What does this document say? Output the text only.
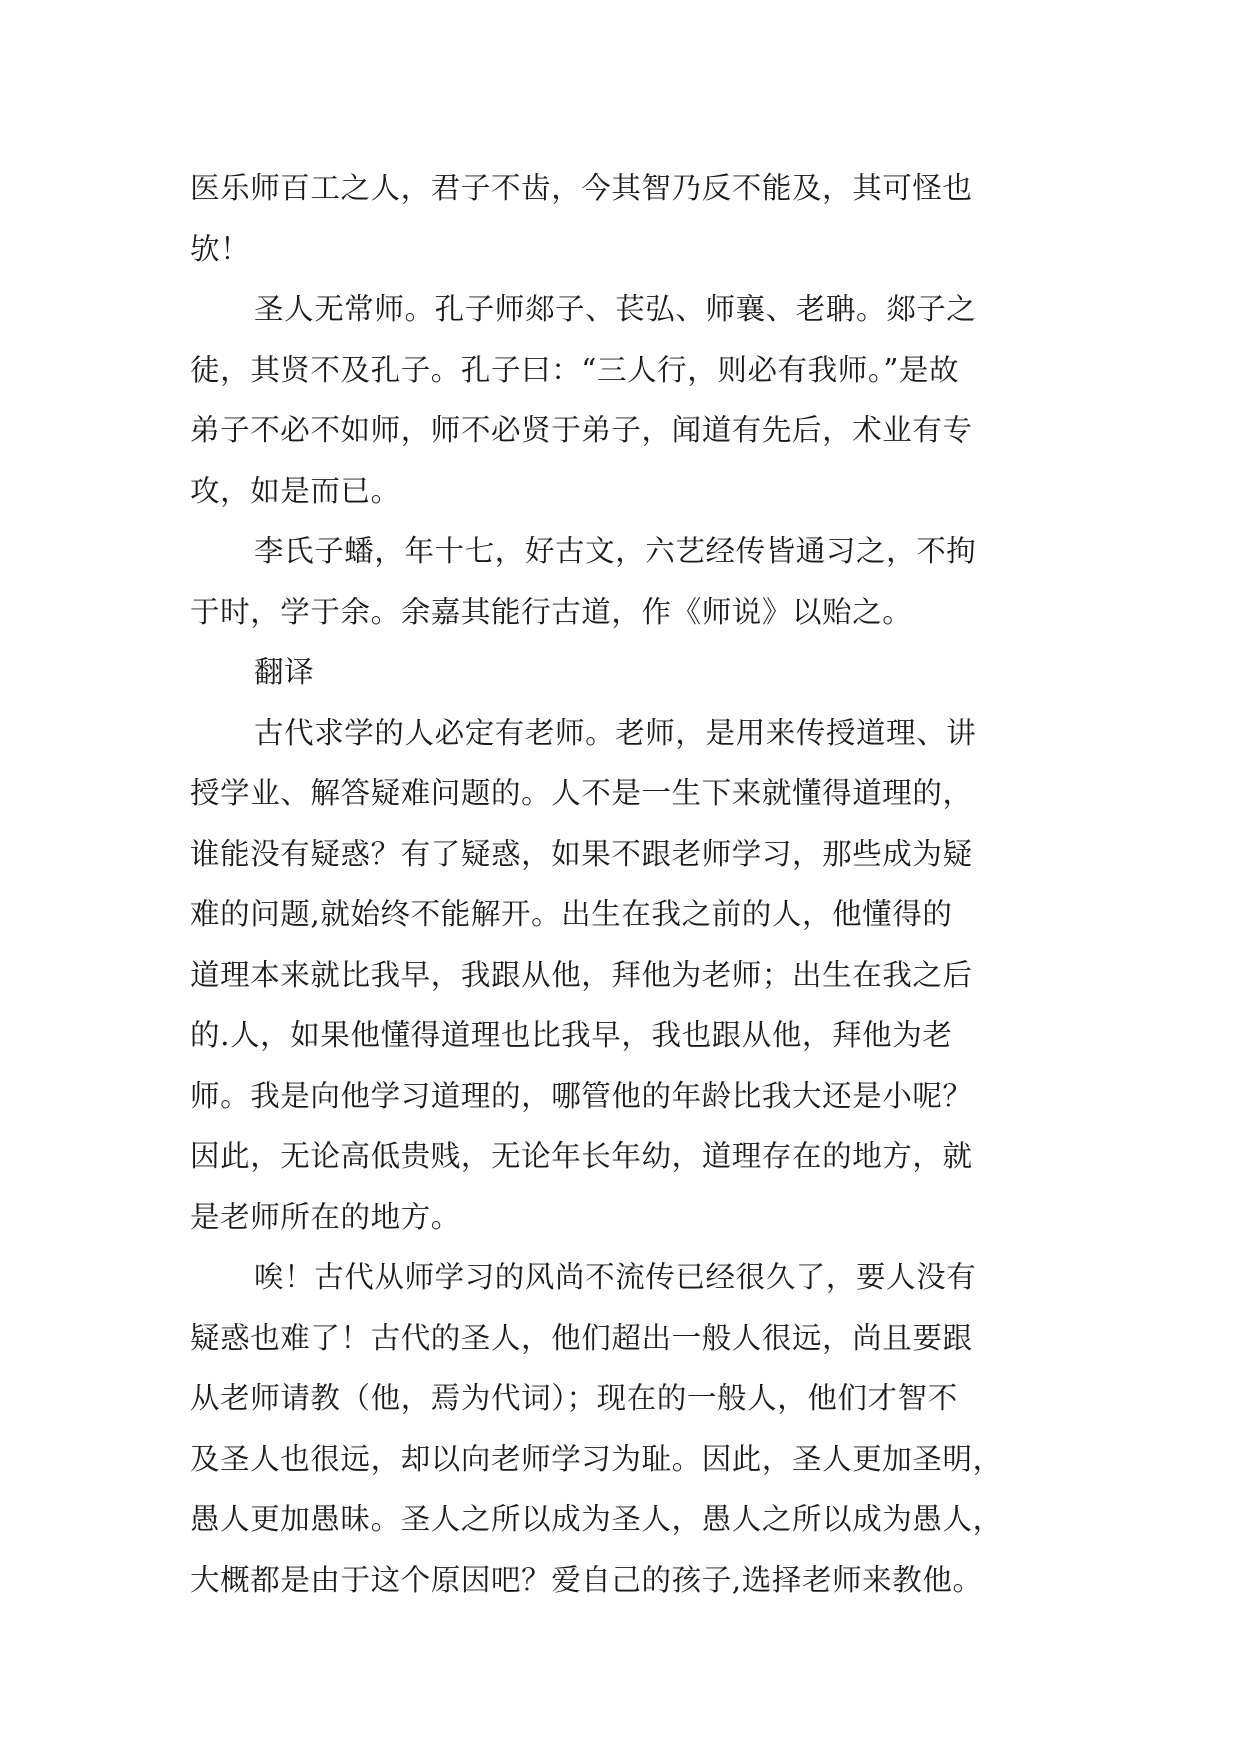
医乐师百工之人，君子不齿，今其智乃反不能及，其可怪也
欤！
圣人无常师。孔子师郯子、苌弘、师襄、老聃。郯子之
徒，其贤不及孔子。孔子曰：“三人行，则必有我师。”是故
弟子不必不如师，师不必贤于弟子，闻道有先后，术业有专
攻，如是而已。
李氏子蟠，年十七，好古文，六艺经传皆通习之，不拘
于时，学于余。余嘉其能行古道，作《师说》以贻之。
翻译
古代求学的人必定有老师。老师，是用来传授道理、讲
授学业、解答疑难问题的。人不是一生下来就懂得道理的，
谁能没有疑惑？有了疑惑，如果不跟老师学习，那些成为疑
难的问题,就始终不能解开。出生在我之前的人，他懂得的
道理本来就比我早，我跟从他，拜他为老师；出生在我之后
的.人，如果他懂得道理也比我早，我也跟从他，拜他为老
师。我是向他学习道理的，哪管他的年龄比我大还是小呢？
因此，无论高低贵贱，无论年长年幼，道理存在的地方，就
是老师所在的地方。
唉！古代从师学习的风尚不流传已经很久了，要人没有
疑惑也难了！古代的圣人，他们超出一般人很远，尚且要跟
从老师请教（他，焉为代词）；现在的一般人，他们才智不
及圣人也很远，却以向老师学习为耻。因此，圣人更加圣明，
愚人更加愚昧。圣人之所以成为圣人，愚人之所以成为愚人，
大概都是由于这个原因吧？爱自己的孩子,选择老师来教他。
